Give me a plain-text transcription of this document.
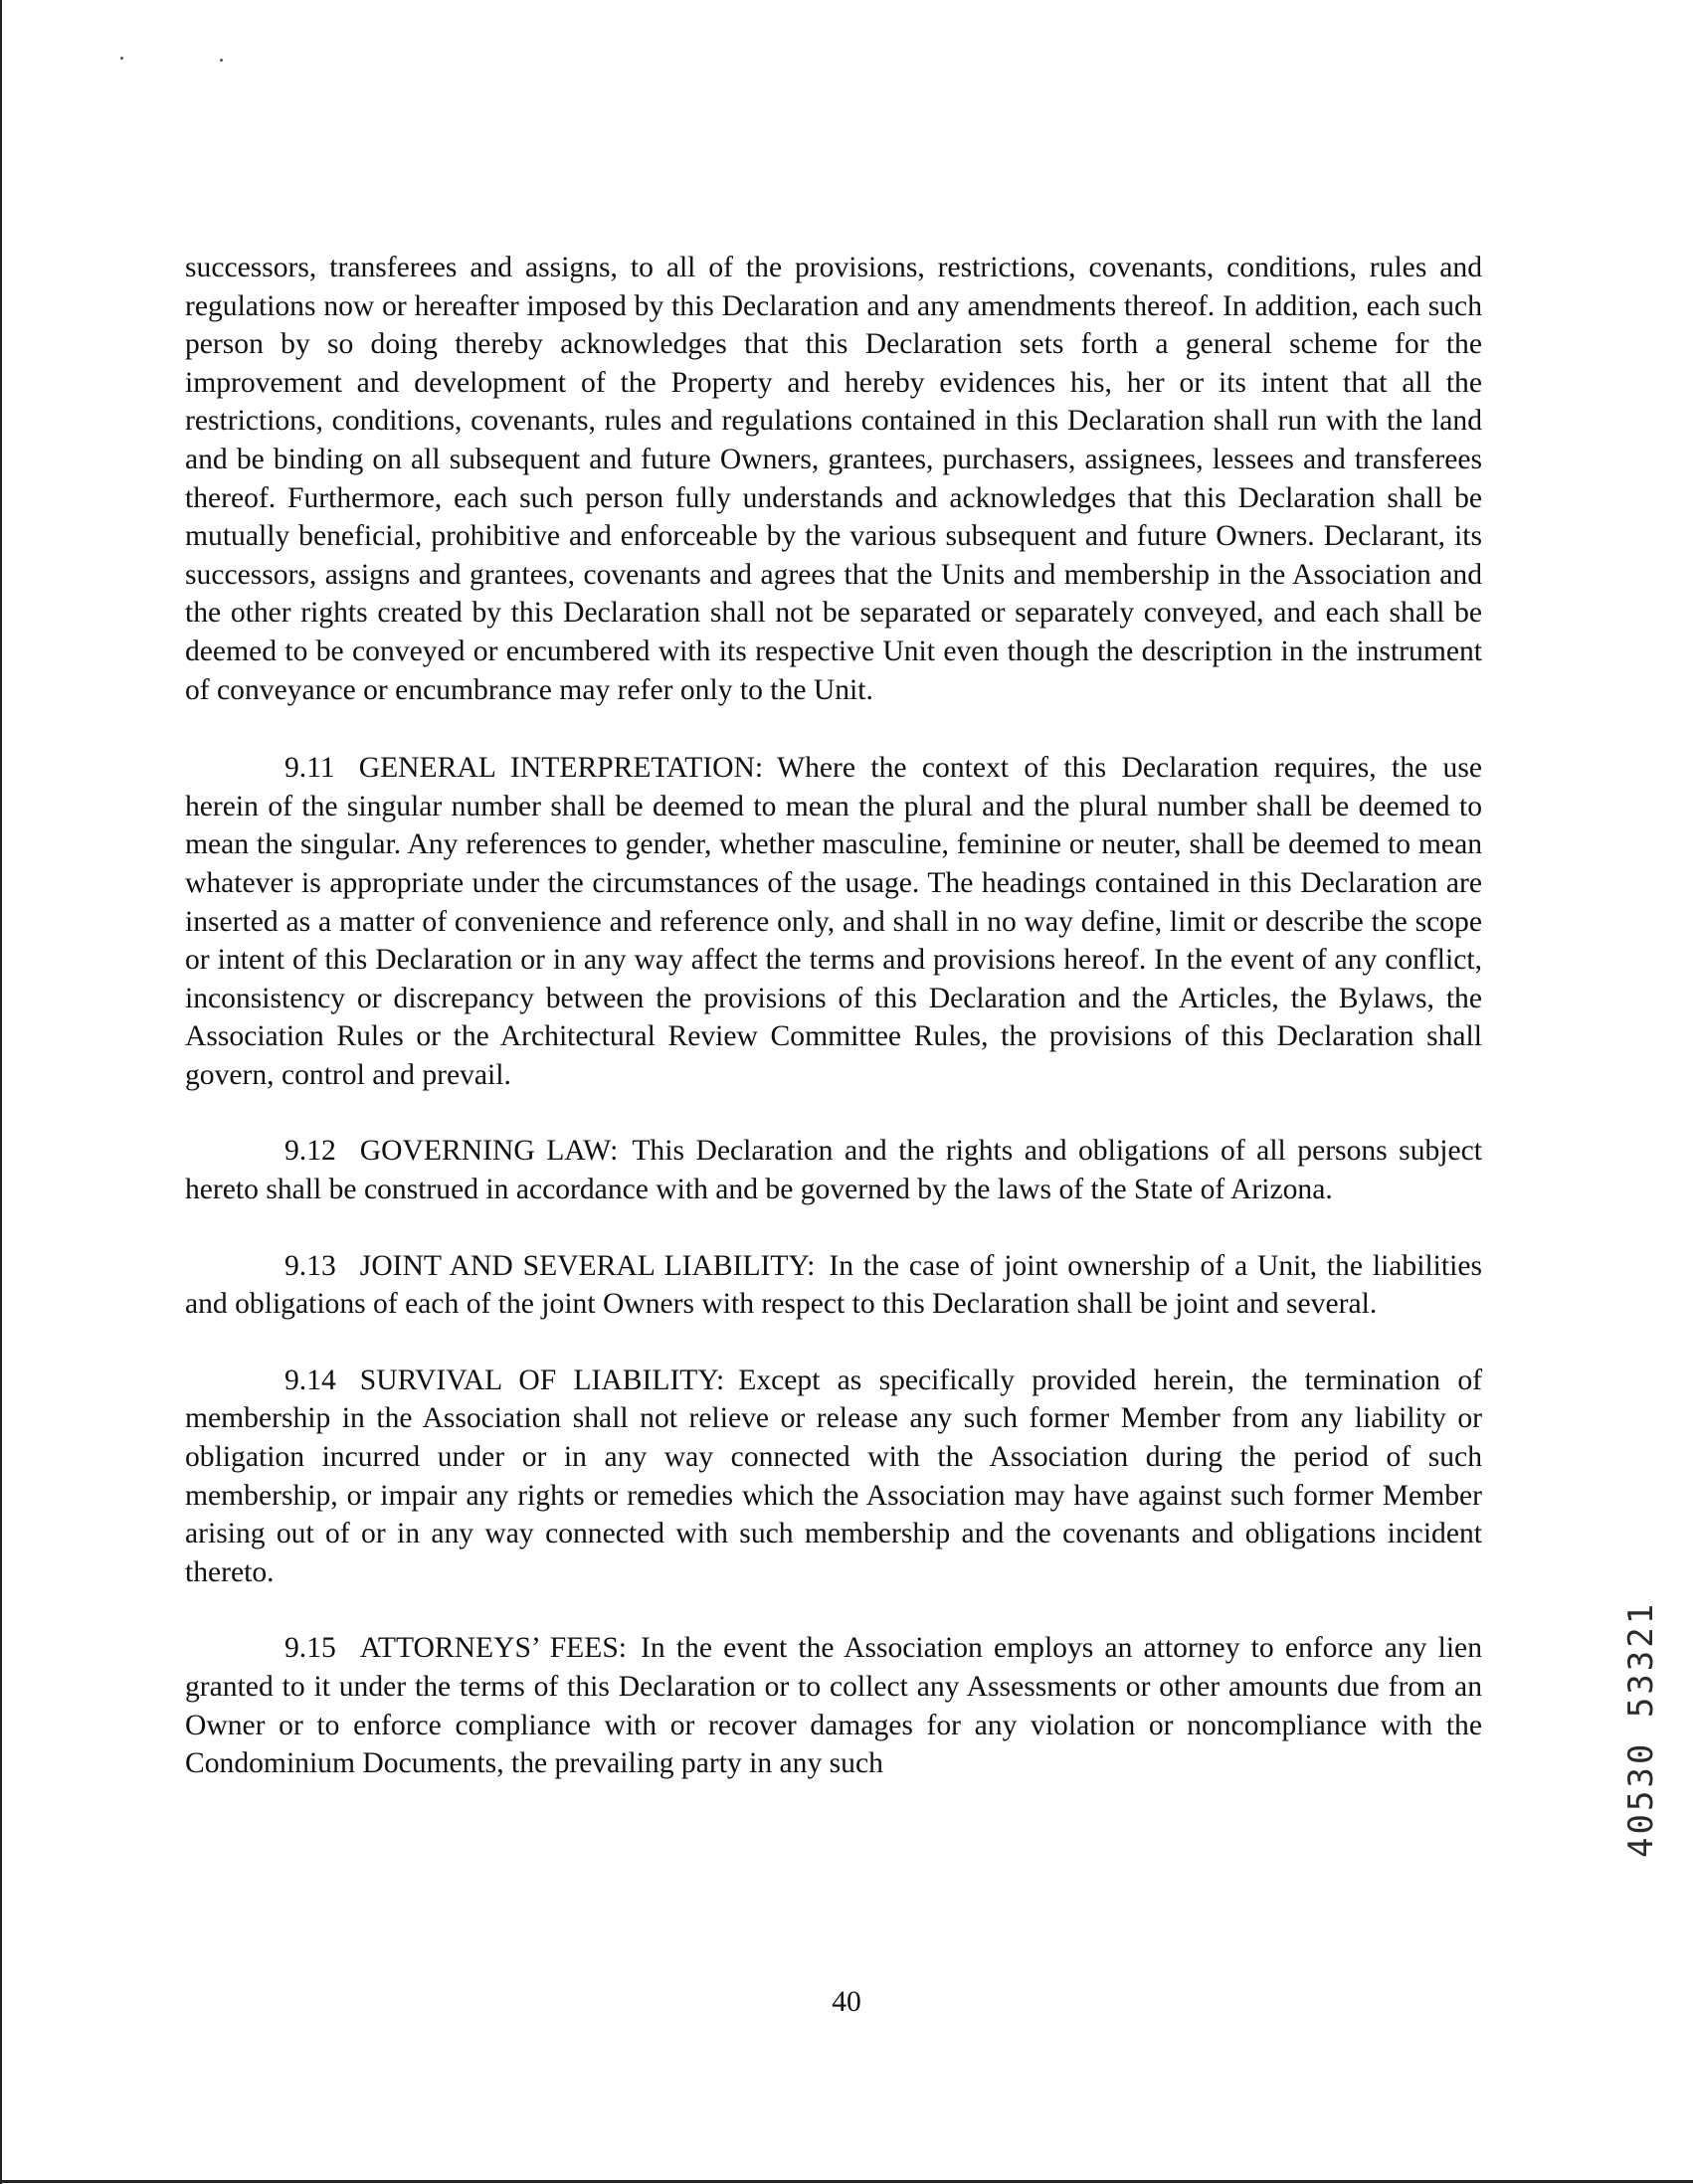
successors, transferees and assigns, to all of the provisions, restrictions, covenants, conditions, rules and regulations now or hereafter imposed by this Declaration and any amendments thereof. In addition, each such person by so doing thereby acknowledges that this Declaration sets forth a general scheme for the improvement and development of the Property and hereby evidences his, her or its intent that all the restrictions, conditions, covenants, rules and regulations contained in this Declaration shall run with the land and be binding on all subsequent and future Owners, grantees, purchasers, assignees, lessees and transferees thereof. Furthermore, each such person fully understands and acknowledges that this Declaration shall be mutually beneficial, prohibitive and enforceable by the various subsequent and future Owners. Declarant, its successors, assigns and grantees, covenants and agrees that the Units and membership in the Association and the other rights created by this Declaration shall not be separated or separately conveyed, and each shall be deemed to be conveyed or encumbered with its respective Unit even though the description in the instrument of conveyance or encumbrance may refer only to the Unit.

9.11 GENERAL INTERPRETATION: Where the context of this Declaration requires, the use herein of the singular number shall be deemed to mean the plural and the plural number shall be deemed to mean the singular. Any references to gender, whether masculine, feminine or neuter, shall be deemed to mean whatever is appropriate under the circumstances of the usage. The headings contained in this Declaration are inserted as a matter of convenience and reference only, and shall in no way define, limit or describe the scope or intent of this Declaration or in any way affect the terms and provisions hereof. In the event of any conflict, inconsistency or discrepancy between the provisions of this Declaration and the Articles, the Bylaws, the Association Rules or the Architectural Review Committee Rules, the provisions of this Declaration shall govern, control and prevail.

9.12 GOVERNING LAW: This Declaration and the rights and obligations of all persons subject hereto shall be construed in accordance with and be governed by the laws of the State of Arizona.

9.13 JOINT AND SEVERAL LIABILITY: In the case of joint ownership of a Unit, the liabilities and obligations of each of the joint Owners with respect to this Declaration shall be joint and several.

9.14 SURVIVAL OF LIABILITY: Except as specifically provided herein, the termination of membership in the Association shall not relieve or release any such former Member from any liability or obligation incurred under or in any way connected with the Association during the period of such membership, or impair any rights or remedies which the Association may have against such former Member arising out of or in any way connected with such membership and the covenants and obligations incident thereto.

9.15 ATTORNEYS’ FEES: In the event the Association employs an attorney to enforce any lien granted to it under the terms of this Declaration or to collect any Assessments or other amounts due from an Owner or to enforce compliance with or recover damages for any violation or noncompliance with the Condominium Documents, the prevailing party in any such

40
40530 53321
